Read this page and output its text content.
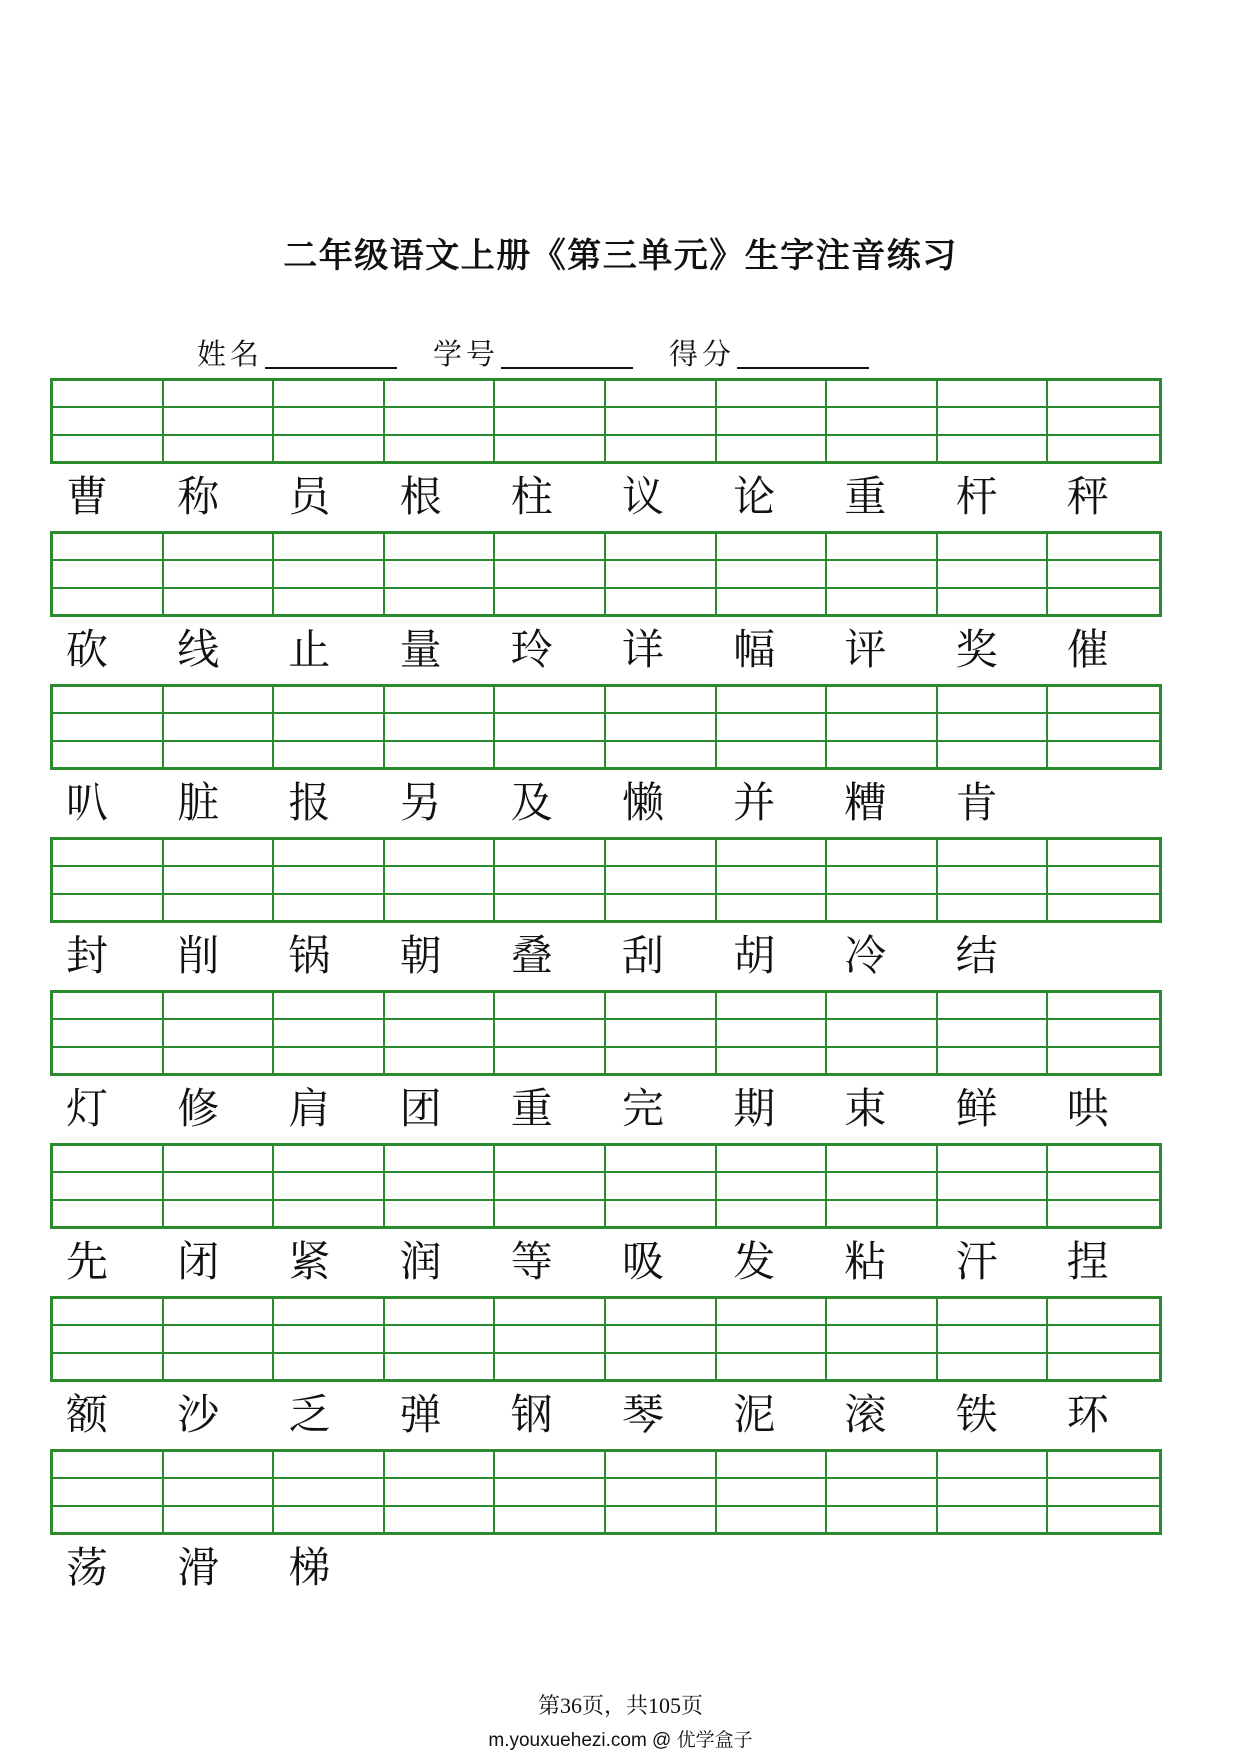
二年级语文上册《第三单元》生字注音练习
姓名	学号	得分
曹	称	员	根	柱	议	论	重	杆	秤
砍	线	止	量	玲	详	幅	评	奖	催
叭	脏	报	另	及	懒	并	糟	肯
封	削	锅	朝	叠	刮	胡	冷	结
灯	修	肩	团	重	完	期	束	鲜	哄
先	闭	紧	润	等	吸	发	粘	汗	捏
额	沙	乏	弹	钢	琴	泥	滚	铁	环
荡	滑	梯
第36页，共105页
m.youxuehezi.com @ 优学盒子
